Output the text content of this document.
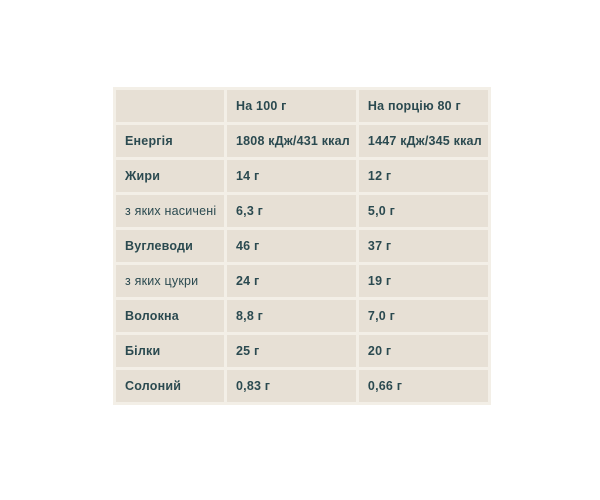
	На 100 г	На порцію 80 г
Енергія	1808 кДж/431 ккал	1447 кДж/345 ккал
Жири	14 г	12 г
з яких насичені	6,3 г	5,0 г
Вуглеводи	46 г	37 г
з яких цукри	24 г	19 г
Волокна	8,8 г	7,0 г
Білки	25 г	20 г
Солоний	0,83 г	0,66 г
